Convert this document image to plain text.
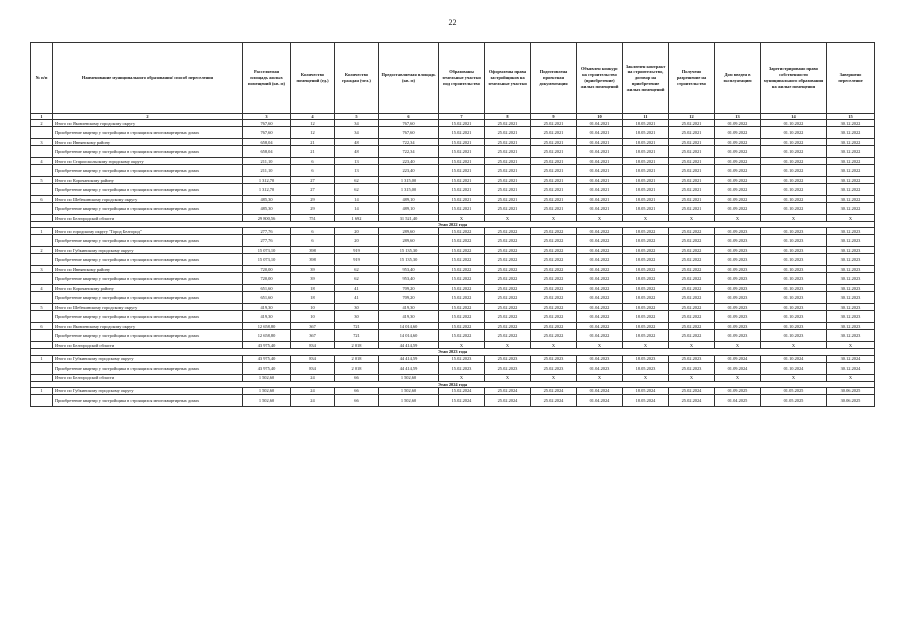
22
№ п/п	Наименование муниципального образования/ способ переселения	Расселяемая площадь жилых помещений (кв. м)	Количество помещений (ед.)	Количество граждан (чел.)	Предоставляемая площадь (кв. м)	Образованы земельные участки под строительство	Оформлены права застройщиков на земельные участки	Подготовлена проектная документация	Объявлен конкурс на строительство (приобретение) жилых помещений	Заключен контракт на строительство, договор на приобретение жилых помещений	Получено разрешение на строительство	Дом введен в эксплуатацию	Зарегистрировано право собственности муниципального образования на жилые помещения	Завершено переселение
1	2	3	4	5	6	7	8	9	10	11	12	13	14	15
2	Итого по Яковлевскому городскому округу	767,60	12	34	767,60	15.02.2021	25.02.2021	25.02.2021	01.04.2021	18.05.2021	25.02.2021	01.09.2022	01.10.2022	30.12.2022
	Приобретение квартир у застройщика в строящихся многоквартирных домах	767,60	12	34	767,60	15.02.2021	25.02.2021	25.02.2021	01.04.2021	18.05.2021	25.02.2021	01.09.2022	01.10.2022	30.12.2022
3	Итого по Ивнянскому району	658,04	21	48	722,34	15.02.2021	25.02.2021	25.02.2021	01.04.2021	18.05.2021	25.02.2021	01.09.2022	01.10.2022	30.12.2022
	Приобретение квартир у застройщика в строящихся многоквартирных домах	658,04	21	48	722,34	15.02.2021	25.02.2021	25.02.2021	01.04.2021	18.05.2021	25.02.2021	01.09.2022	01.10.2022	30.12.2022
4	Итого по Старооскольскому городскому округу	211,10	6	13	223,40	15.02.2021	25.02.2021	25.02.2021	01.04.2021	18.05.2021	25.02.2021	01.09.2022	01.10.2022	30.12.2022
	Приобретение квартир у застройщика в строящихся многоквартирных домах	211,10	6	13	223,40	15.02.2021	25.02.2021	25.02.2021	01.04.2021	18.05.2021	25.02.2021	01.09.2022	01.10.2022	30.12.2022
5	Итого по Корочанскому району	1 312,70	27	62	1 315,00	15.02.2021	25.02.2021	25.02.2021	01.04.2021	18.05.2021	25.02.2021	01.09.2022	01.10.2022	30.12.2022
	Приобретение квартир у застройщика в строящихся многоквартирных домах	1 312,70	27	62	1 315,00	15.02.2021	25.02.2021	25.02.2021	01.04.2021	18.05.2021	25.02.2021	01.09.2022	01.10.2022	30.12.2022
6	Итого по Шебекинскому городскому округу	485,30	29	14	489,10	15.02.2021	25.02.2021	25.02.2021	01.04.2021	18.05.2021	25.02.2021	01.09.2022	01.10.2022	30.12.2022
	Приобретение квартир у застройщика в строящихся многоквартирных домах	485,30	29	14	489,10	15.02.2021	25.02.2021	25.02.2021	01.04.2021	18.05.2021	25.02.2021	01.09.2022	01.10.2022	30.12.2022
	Итого по Белгородской области	29 800,56	751	1 692	31 521,40	X	X	X	X	X	X	X	X	X
Этап 2022 года														
1	Итого по городскому округу "Город Белгород"	277,76	6	20	289,60	15.02.2022	25.02.2022	25.02.2022	01.04.2022	18.05.2022	25.02.2022	01.09.2023	01.10.2023	30.12.2023
	Приобретение квартир у застройщика в строящихся многоквартирных домах	277,76	6	20	289,60	15.02.2022	25.02.2022	25.02.2022	01.04.2022	18.05.2022	25.02.2022	01.09.2023	01.10.2023	30.12.2023
2	Итого по Губкинскому городскому округу	15 073,10	398	919	15 135,30	15.02.2022	25.02.2022	25.02.2022	01.04.2022	18.05.2022	25.02.2022	01.09.2023	01.10.2023	30.12.2023
	Приобретение квартир у застройщика в строящихся многоквартирных домах	15 073,10	398	919	15 135,30	15.02.2022	25.02.2022	25.02.2022	01.04.2022	18.05.2022	25.02.2022	01.09.2023	01.10.2023	30.12.2023
3	Итого по Ивнянскому району	720,00	39	62	953,40	15.02.2022	25.02.2022	25.02.2022	01.04.2022	18.05.2022	25.02.2022	01.09.2023	01.10.2023	30.12.2023
	Приобретение квартир у застройщика в строящихся многоквартирных домах	720,00	39	62	953,40	15.02.2022	25.02.2022	25.02.2022	01.04.2022	18.05.2022	25.02.2022	01.09.2023	01.10.2023	30.12.2023
4	Итого по Корочанскому району	651,60	18	41	709,20	15.02.2022	25.02.2022	25.02.2022	01.04.2022	18.05.2022	25.02.2022	01.09.2023	01.10.2023	30.12.2023
	Приобретение квартир у застройщика в строящихся многоквартирных домах	651,60	18	41	709,20	15.02.2022	25.02.2022	25.02.2022	01.04.2022	18.05.2022	25.02.2022	01.09.2023	01.10.2023	30.12.2023
5	Итого по Шебекинскому городскому округу	419,30	10	30	419,30	15.02.2022	25.02.2022	25.02.2022	01.04.2022	18.05.2022	25.02.2022	01.09.2023	01.10.2023	30.12.2023
	Приобретение квартир у застройщика в строящихся многоквартирных домах	419,30	10	30	419,30	15.02.2022	25.02.2022	25.02.2022	01.04.2022	18.05.2022	25.02.2022	01.09.2023	01.10.2023	30.12.2023
6	Итого по Яковлевскому городскому округу	12 658,80	367	721	14 014,60	15.02.2022	25.02.2022	25.02.2022	01.04.2022	18.05.2022	25.02.2022	01.09.2023	01.10.2023	30.12.2023
	Приобретение квартир у застройщика в строящихся многоквартирных домах	12 658,80	367	721	14 014,60	15.02.2022	25.02.2022	25.02.2022	01.04.2022	18.05.2022	25.02.2022	01.09.2023	01.10.2023	30.12.2023
	Итого по Белгородской области	43 975,40	834	2 018	44 414,59	X	X	X	X	X	X	X	X	X
Этап 2023 года														
1	Итого по Губкинскому городскому округу	43 975,40	834	2 018	44 414,59	15.02.2023	25.02.2023	25.02.2023	01.04.2023	18.05.2023	25.02.2023	01.09.2024	01.10.2024	30.12.2024
	Приобретение квартир у застройщика в строящихся многоквартирных домах	43 975,40	834	2 018	44 414,59	15.02.2023	25.02.2023	25.02.2023	01.04.2023	18.05.2023	25.02.2023	01.09.2024	01.10.2024	30.12.2024
	Итого по Белгородской области	1 502,60	24	66	1 502,60	X	X	X	X	X	X	X	X	X
Этап 2024 года														
1	Итого по Губкинскому городскому округу	1 502,60	24	66	1 502,60	15.02.2024	25.02.2024	25.02.2024	01.04.2024	18.05.2024	25.02.2024	01.09.2025	01.05.2025	30.06.2025
	Приобретение квартир у застройщика в строящихся многоквартирных домах	1 502,60	24	66	1 502,60	15.02.2024	25.02.2024	25.02.2024	01.04.2024	18.05.2024	25.02.2024	01.04.2025	01.05.2025	30.06.2025
